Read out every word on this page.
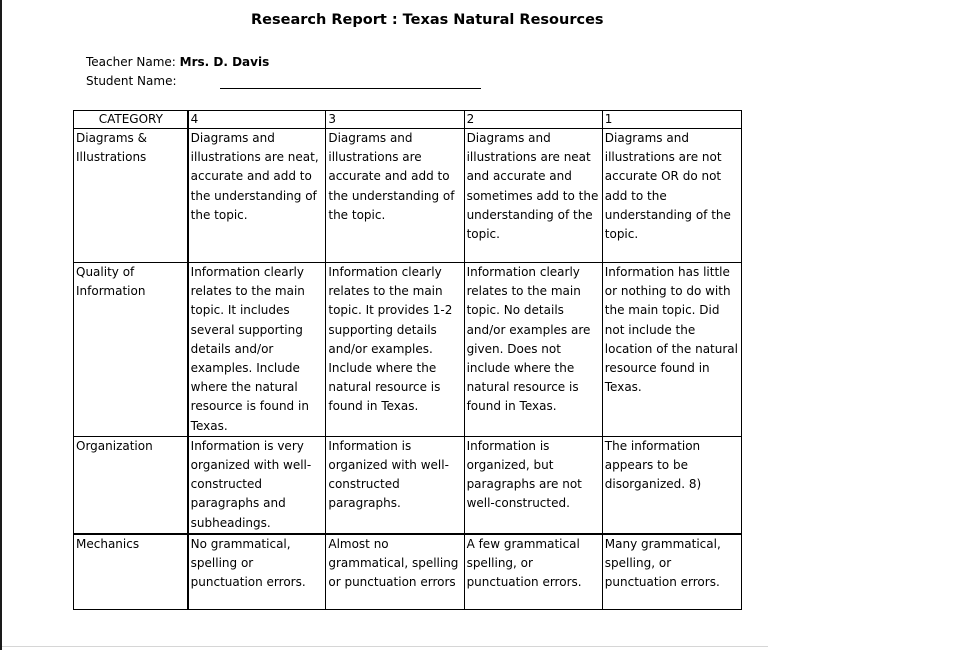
Research Report : Texas Natural Resources
Teacher Name: Mrs. D. Davis
Student Name:
CATEGORY	4	3	2	1
Diagrams & Illustrations	Diagrams and illustrations are neat, accurate and add to the understanding of the topic.	Diagrams and illustrations are accurate and add to the understanding of the topic.	Diagrams and illustrations are neat and accurate and sometimes add to the understanding of the topic.	Diagrams and illustrations are not accurate OR do not add to the understanding of the topic.
Quality of Information	Information clearly relates to the main topic. It includes several supporting details and/or examples. Include where the natural resource is found in Texas.	Information clearly relates to the main topic. It provides 1-2 supporting details and/or examples. Include where the natural resource is found in Texas.	Information clearly relates to the main topic. No details and/or examples are given. Does not include where the natural resource is found in Texas.	Information has little or nothing to do with the main topic. Did not include the location of the natural resource found in Texas.
Organization	Information is very organized with well-constructed paragraphs and subheadings.	Information is organized with well-constructed paragraphs.	Information is organized, but paragraphs are not well-constructed.	The information appears to be disorganized. 8)
Mechanics	No grammatical, spelling or punctuation errors.	Almost no grammatical, spelling or punctuation errors	A few grammatical spelling, or punctuation errors.	Many grammatical, spelling, or punctuation errors.
